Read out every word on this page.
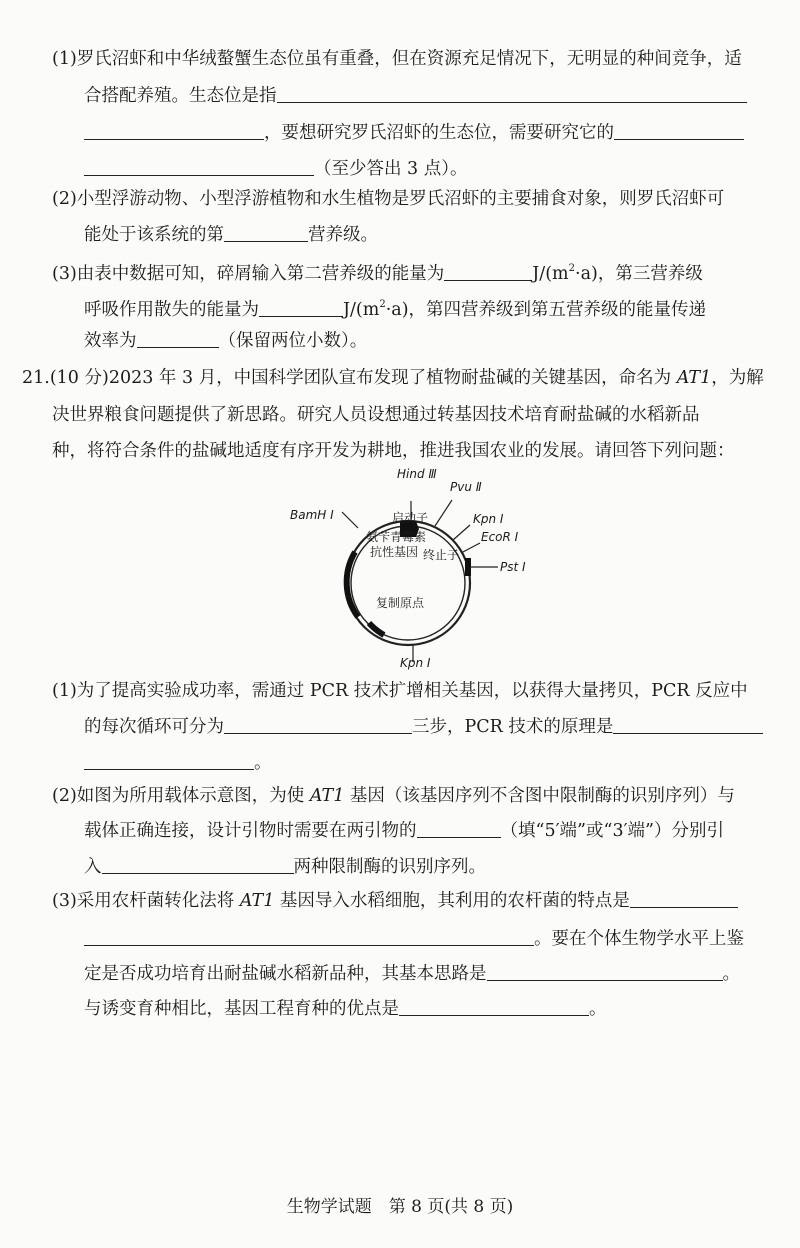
(1)罗氏沼虾和中华绒螯蟹生态位虽有重叠，但在资源充足情况下，无明显的种间竞争，适
合搭配养殖。生态位是指
，要想研究罗氏沼虾的生态位，需要研究它的
（至少答出 3 点）。
(2)小型浮游动物、小型浮游植物和水生植物是罗氏沼虾的主要捕食对象，则罗氏沼虾可
能处于该系统的第	营养级。
(3)由表中数据可知，碎屑输入第二营养级的能量为	$J/(m^2\cdot a)$，第三营养级
呼吸作用散失的能量为	$J/(m^2\cdot a)$，第四营养级到第五营养级的能量传递
效率为	（保留两位小数）。
21.(10 分)2023 年 3 月，中国科学团队宣布发现了植物耐盐碱的关键基因，命名为 AT1，为解
决世界粮食问题提供了新思路。研究人员设想通过转基因技术培育耐盐碱的水稻新品
种，将符合条件的盐碱地适度有序开发为耕地，推进我国农业的发展。请回答下列问题：
Hind Ⅲ
Pvu Ⅱ
Kpn Ⅰ
EcoR Ⅰ
Pst Ⅰ
Kpn Ⅰ
BamH Ⅰ	启动子
氨苄青霉素
抗性基因 终止子
复制原点
(1)为了提高实验成功率，需通过 PCR 技术扩增相关基因，以获得大量拷贝，PCR 反应中
的每次循环可分为	三步，PCR 技术的原理是
。
(2)如图为所用载体示意图，为使 AT1 基因（该基因序列不含图中限制酶的识别序列）与
载体正确连接，设计引物时需要在两引物的	（填“5′端”或“3′端”）分别引
入	两种限制酶的识别序列。
(3)采用农杆菌转化法将 AT1 基因导入水稻细胞，其利用的农杆菌的特点是
。要在个体生物学水平上鉴
定是否成功培育出耐盐碱水稻新品种，其基本思路是	。
与诱变育种相比，基因工程育种的优点是	。
生物学试题　第 8 页(共 8 页)
